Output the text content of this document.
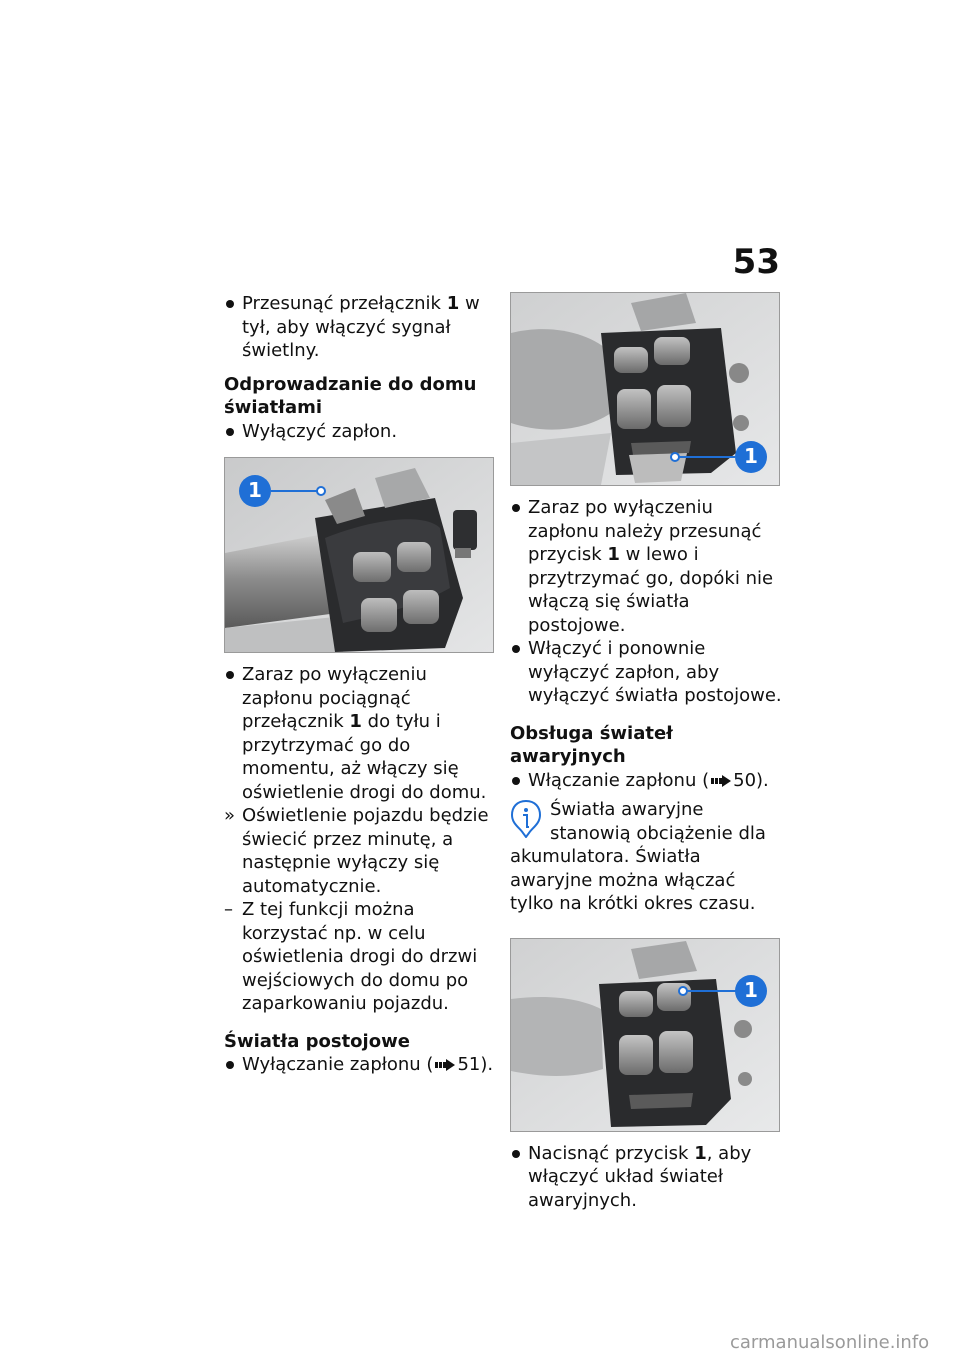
53

Przesunąć przełącznik 1 w tył, aby włączyć sygnał świetlny.

Odprowadzanie do domu światłami

Wyłączyć zapłon.

1

Zaraz po wyłączeniu zapłonu pociągnąć przełącznik 1 do tyłu i przytrzymać go do momentu, aż włączy się oświetlenie drogi do domu.

» Oświetlenie pojazdu będzie świecić przez minutę, a następnie wyłączy się automatycznie.

– Z tej funkcji można korzystać np. w celu oświetlenia drogi do drzwi wejściowych do domu po zaparkowaniu pojazdu.

Światła postojowe

Wyłączanie zapłonu ( 51).

1

Zaraz po wyłączeniu zapłonu należy przesunąć przycisk 1 w lewo i przytrzymać go, dopóki nie włączą się światła postojowe.

Włączyć i ponownie wyłączyć zapłon, aby wyłączyć światła postojowe.

Obsługa świateł awaryjnych

Włączanie zapłonu ( 50).

Światła awaryjne stanowią obciążenie dla akumulatora. Światła awaryjne można włączać tylko na krótki okres czasu.

1

Nacisnąć przycisk 1, aby włączyć układ świateł awaryjnych.

carmanualsonline.info
